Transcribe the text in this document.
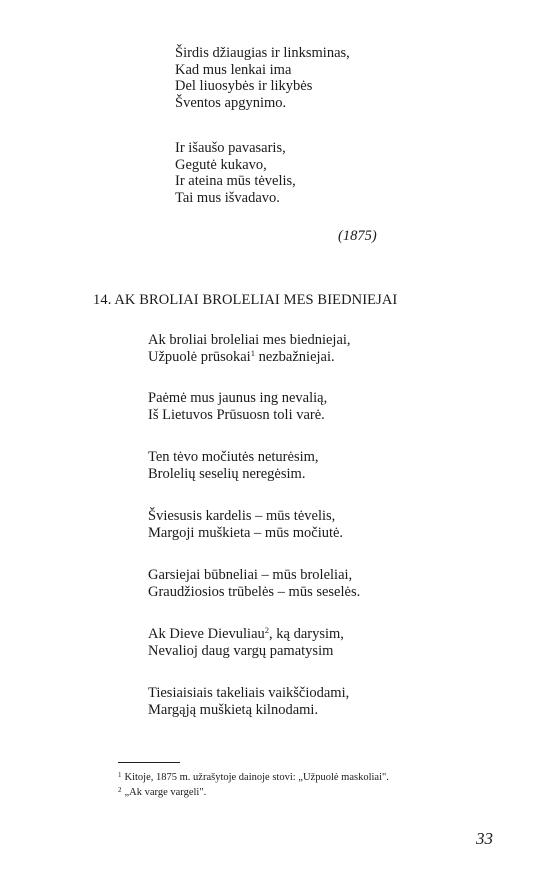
Širdis džiaugias ir linksminas,
Kad mus lenkai ima
Del liuosybės ir likybės
Šventos apgynimo.
Ir išaušo pavasaris,
Gegutė kukavo,
Ir ateina mūs tėvelis,
Tai mus išvadavo.
(1875)
14. AK BROLIAI BROLELIAI MES BIEDNIEJAI
Ak broliai broleliai mes biedniejai,
Užpuolė prūsokai$^1$ nezbažniejai.
Paėmė mus jaunus ing nevalią,
Iš Lietuvos Prūsuosn toli varė.
Ten tėvo močiutės neturėsim,
Brolelių seselių neregėsim.
Šviesusis kardelis – mūs tėvelis,
Margoji muškieta – mūs močiutė.
Garsiejai būbneliai – mūs broleliai,
Graudžiosios trūbelės – mūs seselės.
Ak Dieve Dievuliau$^2$, ką darysim,
Nevalioj daug vargų pamatysim
Tiesiaisiais takeliais vaikščiodami,
Margąją muškietą kilnodami.
$^1$ Kitoje, 1875 m. užrašytoje dainoje stovi: „Užpuolė maskoliai".
$^2$ „Ak varge vargeli".
33
